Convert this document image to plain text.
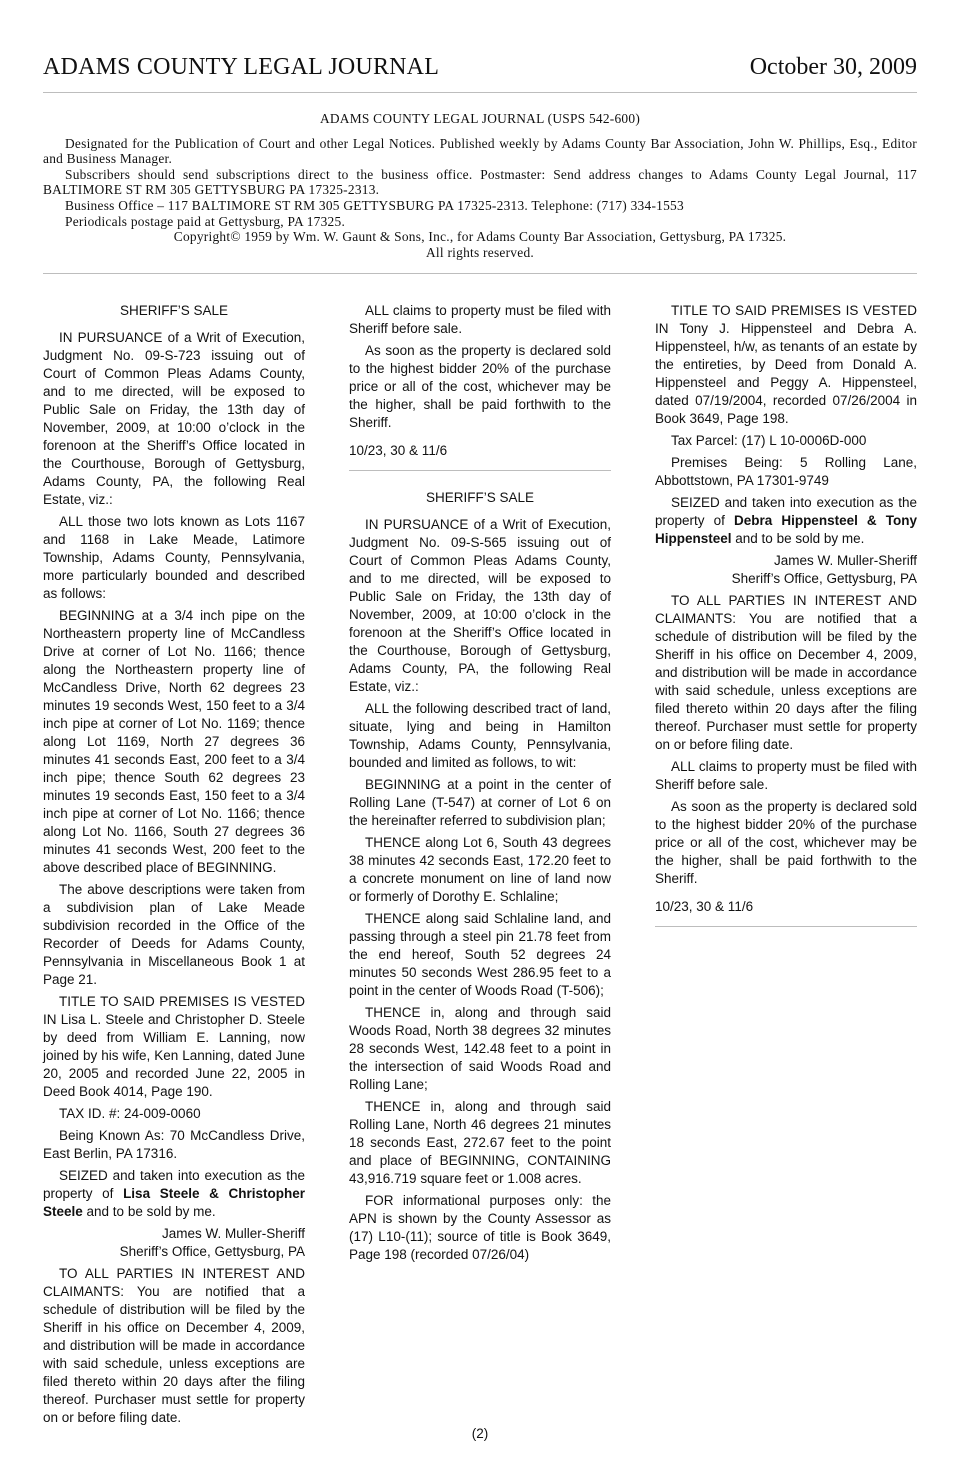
ADAMS COUNTY LEGAL JOURNAL	October 30, 2009

ADAMS COUNTY LEGAL JOURNAL (USPS 542-600)

Designated for the Publication of Court and other Legal Notices. Published weekly by Adams County Bar Association, John W. Phillips, Esq., Editor and Business Manager.

Subscribers should send subscriptions direct to the business office. Postmaster: Send address changes to Adams County Legal Journal, 117 BALTIMORE ST RM 305 GETTYSBURG PA 17325-2313.

Business Office – 117 BALTIMORE ST RM 305 GETTYSBURG PA 17325-2313. Telephone: (717) 334-1553

Periodicals postage paid at Gettysburg, PA 17325.

Copyright© 1959 by Wm. W. Gaunt & Sons, Inc., for Adams County Bar Association, Gettysburg, PA 17325.

All rights reserved.

SHERIFF’S SALE

IN PURSUANCE of a Writ of Execution, Judgment No. 09-S-723 issuing out of Court of Common Pleas Adams County, and to me directed, will be exposed to Public Sale on Friday, the 13th day of November, 2009, at 10:00 o’clock in the forenoon at the Sheriff’s Office located in the Courthouse, Borough of Gettysburg, Adams County, PA, the following Real Estate, viz.:

ALL those two lots known as Lots 1167 and 1168 in Lake Meade, Latimore Township, Adams County, Pennsylvania, more particularly bounded and described as follows:

BEGINNING at a 3/4 inch pipe on the Northeastern property line of McCandless Drive at corner of Lot No. 1166; thence along the Northeastern property line of McCandless Drive, North 62 degrees 23 minutes 19 seconds West, 150 feet to a 3/4 inch pipe at corner of Lot No. 1169; thence along Lot 1169, North 27 degrees 36 minutes 41 seconds East, 200 feet to a 3/4 inch pipe; thence South 62 degrees 23 minutes 19 seconds East, 150 feet to a 3/4 inch pipe at corner of Lot No. 1166; thence along Lot No. 1166, South 27 degrees 36 minutes 41 seconds West, 200 feet to the above described place of BEGINNING.

The above descriptions were taken from a subdivision plan of Lake Meade subdivision recorded in the Office of the Recorder of Deeds for Adams County, Pennsylvania in Miscellaneous Book 1 at Page 21.

TITLE TO SAID PREMISES IS VESTED IN Lisa L. Steele and Christopher D. Steele by deed from William E. Lanning, now joined by his wife, Ken Lanning, dated June 20, 2005 and recorded June 22, 2005 in Deed Book 4014, Page 190.

TAX ID. #: 24-009-0060

Being Known As: 70 McCandless Drive, East Berlin, PA 17316.

SEIZED and taken into execution as the property of Lisa Steele & Christopher Steele and to be sold by me.

James W. Muller-Sheriff

Sheriff’s Office, Gettysburg, PA

TO ALL PARTIES IN INTEREST AND CLAIMANTS: You are notified that a schedule of distribution will be filed by the Sheriff in his office on December 4, 2009, and distribution will be made in accordance with said schedule, unless exceptions are filed thereto within 20 days after the filing thereof. Purchaser must settle for property on or before filing date.

ALL claims to property must be filed with Sheriff before sale.

As soon as the property is declared sold to the highest bidder 20% of the purchase price or all of the cost, whichever may be the higher, shall be paid forthwith to the Sheriff.

10/23, 30 & 11/6

SHERIFF’S SALE

IN PURSUANCE of a Writ of Execution, Judgment No. 09-S-565 issuing out of Court of Common Pleas Adams County, and to me directed, will be exposed to Public Sale on Friday, the 13th day of November, 2009, at 10:00 o’clock in the forenoon at the Sheriff’s Office located in the Courthouse, Borough of Gettysburg, Adams County, PA, the following Real Estate, viz.:

ALL the following described tract of land, situate, lying and being in Hamilton Township, Adams County, Pennsylvania, bounded and limited as follows, to wit:

BEGINNING at a point in the center of Rolling Lane (T-547) at corner of Lot 6 on the hereinafter referred to subdivision plan;

THENCE along Lot 6, South 43 degrees 38 minutes 42 seconds East, 172.20 feet to a concrete monument on line of land now or formerly of Dorothy E. Schlaline;

THENCE along said Schlaline land, and passing through a steel pin 21.78 feet from the end hereof, South 52 degrees 24 minutes 50 seconds West 286.95 feet to a point in the center of Woods Road (T-506);

THENCE in, along and through said Woods Road, North 38 degrees 32 minutes 28 seconds West, 142.48 feet to a point in the intersection of said Woods Road and Rolling Lane;

THENCE in, along and through said Rolling Lane, North 46 degrees 21 minutes 18 seconds East, 272.67 feet to the point and place of BEGINNING, CONTAINING 43,916.719 square feet or 1.008 acres.

FOR informational purposes only: the APN is shown by the County Assessor as (17) L10-(11); source of title is Book 3649, Page 198 (recorded 07/26/04)

TITLE TO SAID PREMISES IS VESTED IN Tony J. Hippensteel and Debra A. Hippensteel, h/w, as tenants of an estate by the entireties, by Deed from Donald A. Hippensteel and Peggy A. Hippensteel, dated 07/19/2004, recorded 07/26/2004 in Book 3649, Page 198.

Tax Parcel: (17) L 10-0006D-000

Premises Being: 5 Rolling Lane, Abbottstown, PA 17301-9749

SEIZED and taken into execution as the property of Debra Hippensteel & Tony Hippensteel and to be sold by me.

James W. Muller-Sheriff

Sheriff’s Office, Gettysburg, PA

TO ALL PARTIES IN INTEREST AND CLAIMANTS: You are notified that a schedule of distribution will be filed by the Sheriff in his office on December 4, 2009, and distribution will be made in accordance with said schedule, unless exceptions are filed thereto within 20 days after the filing thereof. Purchaser must settle for property on or before filing date.

ALL claims to property must be filed with Sheriff before sale.

As soon as the property is declared sold to the highest bidder 20% of the purchase price or all of the cost, whichever may be the higher, shall be paid forthwith to the Sheriff.

10/23, 30 & 11/6

(2)
